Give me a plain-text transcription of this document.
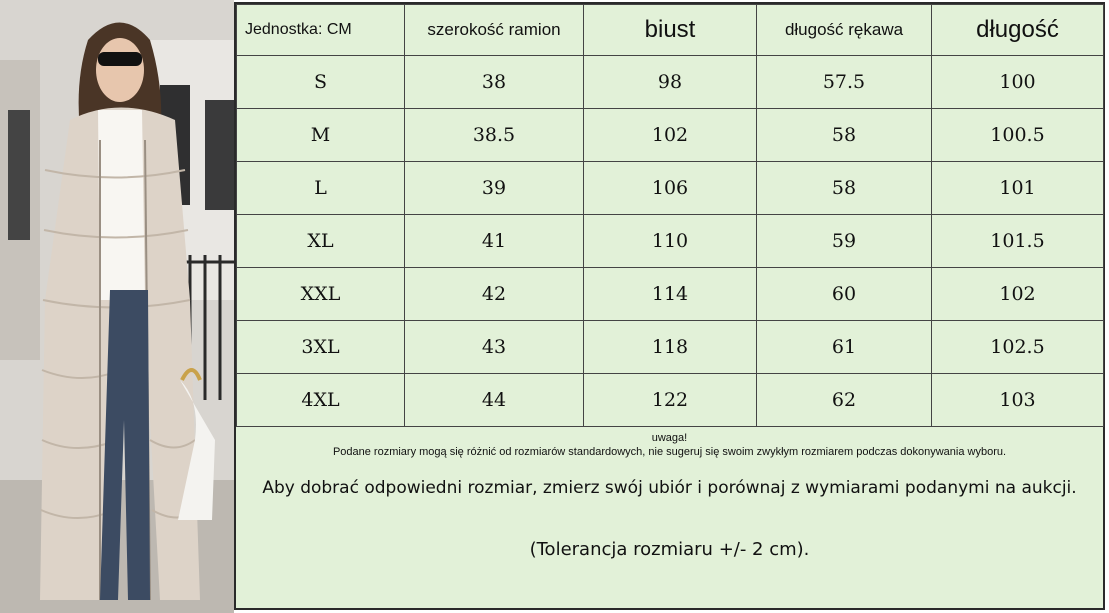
Jednostka: CM	szerokość ramion	biust	długość rękawa	długość
S	38	98	57.5	100
M	38.5	102	58	100.5
L	39	106	58	101
XL	41	110	59	101.5
XXL	42	114	60	102
3XL	43	118	61	102.5
4XL	44	122	62	103
uwaga!
Podane rozmiary mogą się różnić od rozmiarów standardowych, nie sugeruj się swoim zwykłym rozmiarem podczas dokonywania wyboru.
Aby dobrać odpowiedni rozmiar, zmierz swój ubiór i porównaj z wymiarami podanymi na aukcji.
(Tolerancja rozmiaru +/- 2 cm).
